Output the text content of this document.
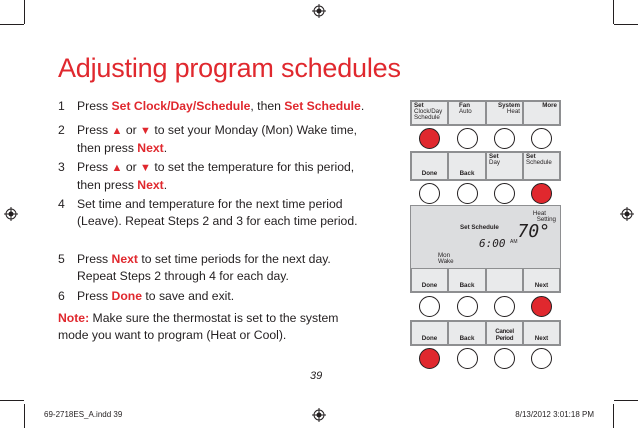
Adjusting program schedules
1	Press Set Clock/Day/Schedule, then Set Schedule.
2	Press ▲ or ▼ to set your Monday (Mon) Wake time, then press Next.
3	Press ▲ or ▼ to set the temperature for this period, then press Next.
4	Set time and temperature for the next time period (Leave). Repeat Steps 2 and 3 for each time period.
5	Press Next to set time periods for the next day. Repeat Steps 2 through 4 for each day.
6	Press Done to save and exit.
Note: Make sure the thermostat is set to the system mode you want to program (Heat or Cool).
39
69-2718ES_A.indd 39	8/13/2012 3:01:18 PM
Set
Clock/Day
Schedule
Fan
Auto
System
Heat
More
Done	Back
Set
Day
Set
Schedule
Heat
Setting
70°
Set Schedule
6:00 AM
Mon
Wake
Done	Back	Next
Done	Back
Cancel Period	Next
